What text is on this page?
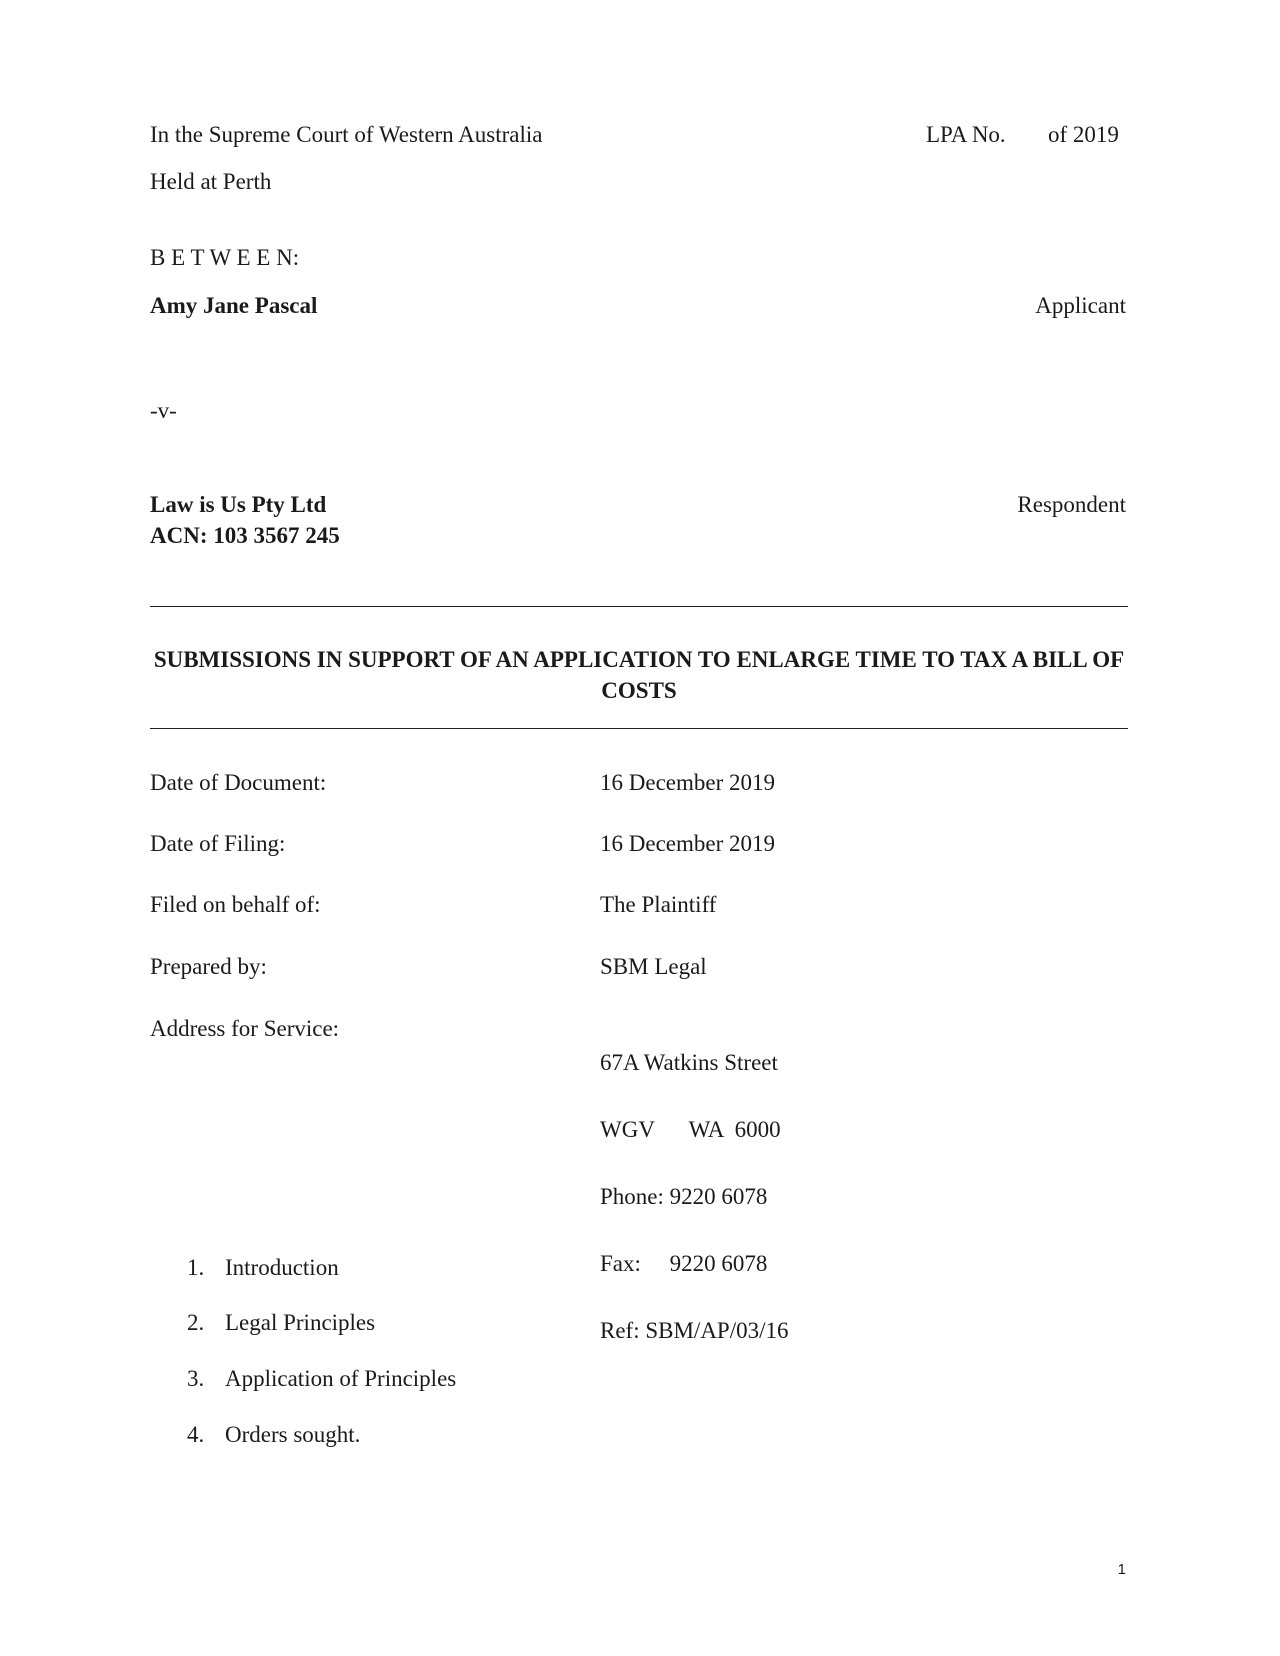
In the Supreme Court of Western Australia	LPA No. of 2019
Held at Perth
B E T W E E N:
Amy Jane Pascal	Applicant
-v-
Law is Us Pty Ltd	Respondent
ACN: 103 3567 245
SUBMISSIONS IN SUPPORT OF AN APPLICATION TO ENLARGE TIME TO TAX A BILL OF COSTS
Date of Document:	16 December 2019
Date of Filing:	16 December 2019
Filed on behalf of:	The Plaintiff
Prepared by:	SBM Legal
Address for Service:

67A Watkins Street

WGV      WA  6000

Phone: 9220 6078

Fax:     9220 6078

Ref: SBM/AP/03/16

1. Introduction
2. Legal Principles
3. Application of Principles
4. Orders sought.
1
